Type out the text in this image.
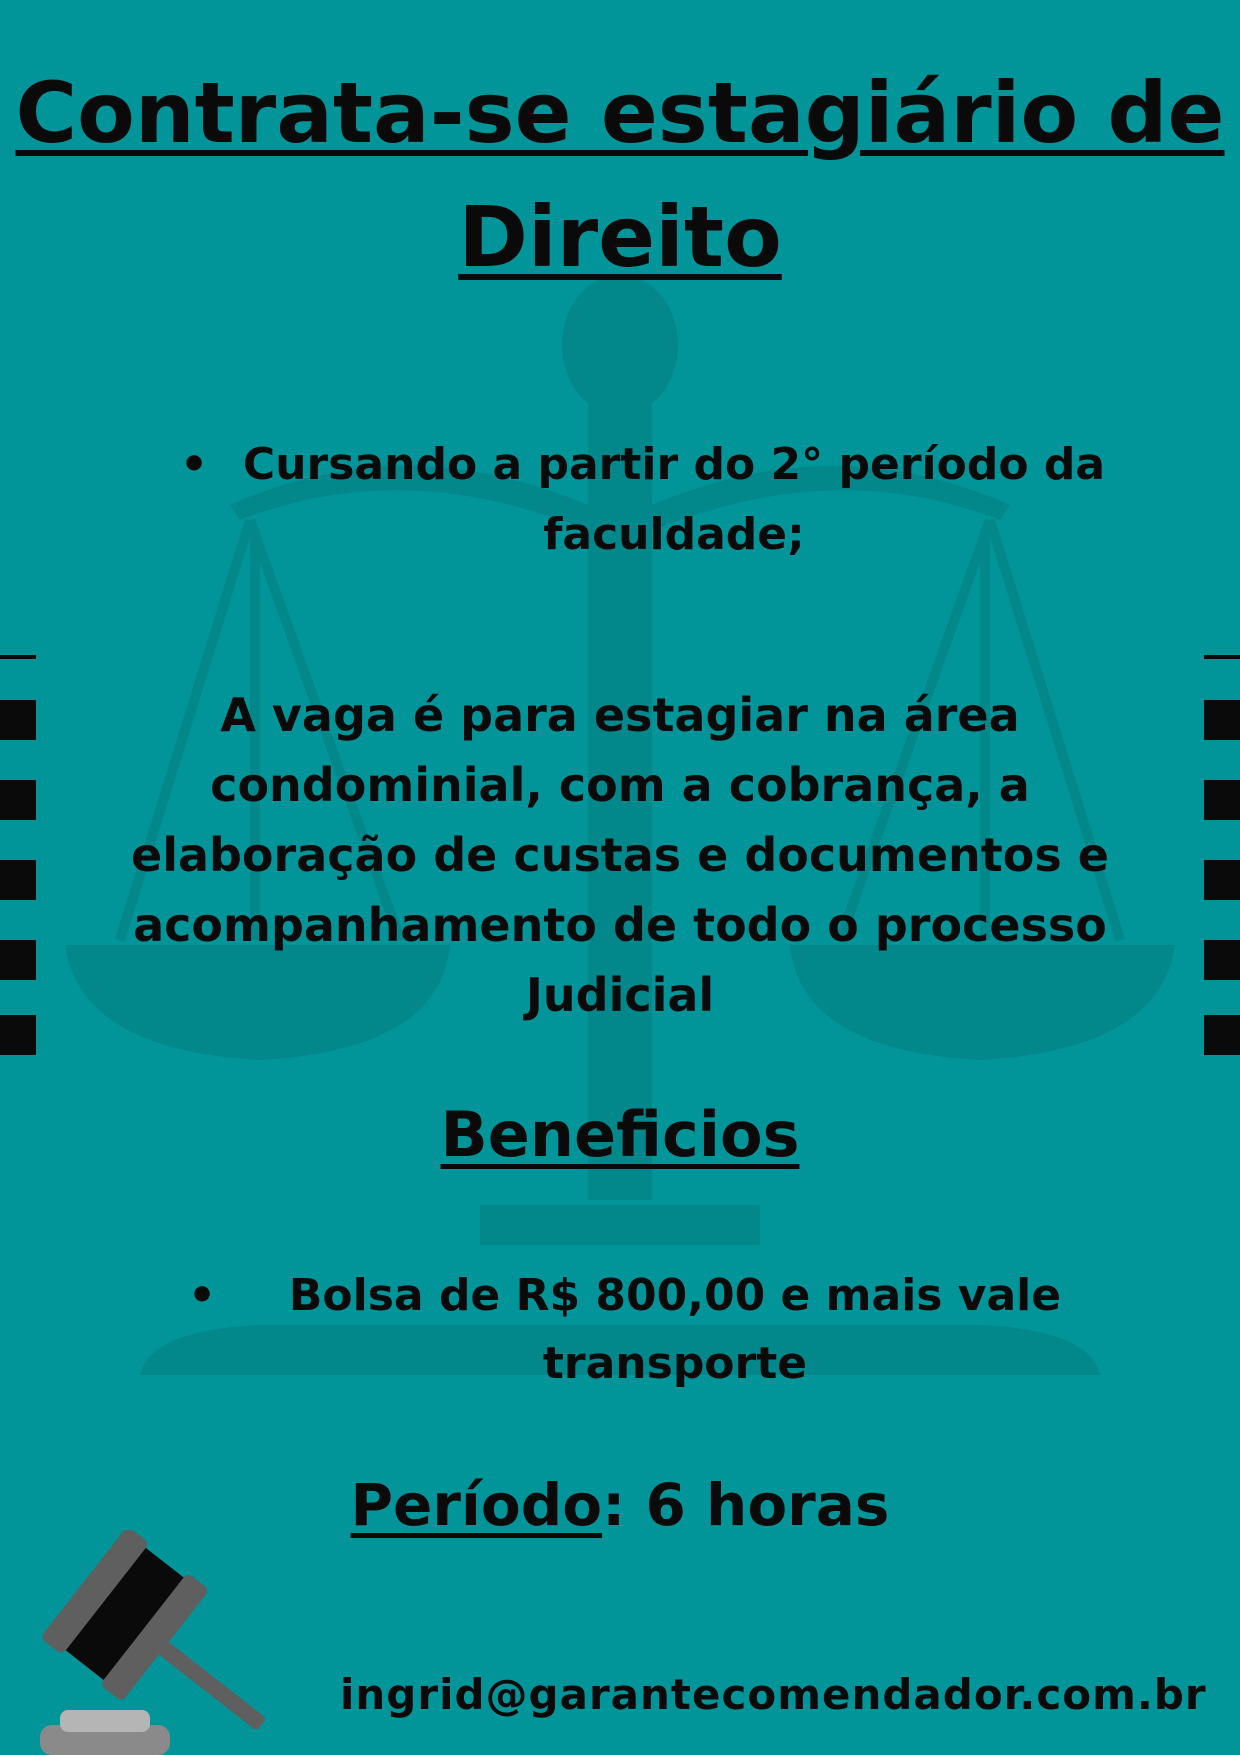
Contrata-se estagiário de
Direito
• Cursando a partir do 2° período da faculdade;

A vaga é para estagiar na área condominial, com a cobrança, a elaboração de custas e documentos e acompanhamento de todo o processo Judicial

Beneficios
•	Bolsa de R$ 800,00 e mais vale transporte

Período: 6 horas

ingrid@garantecomendador.com.br
